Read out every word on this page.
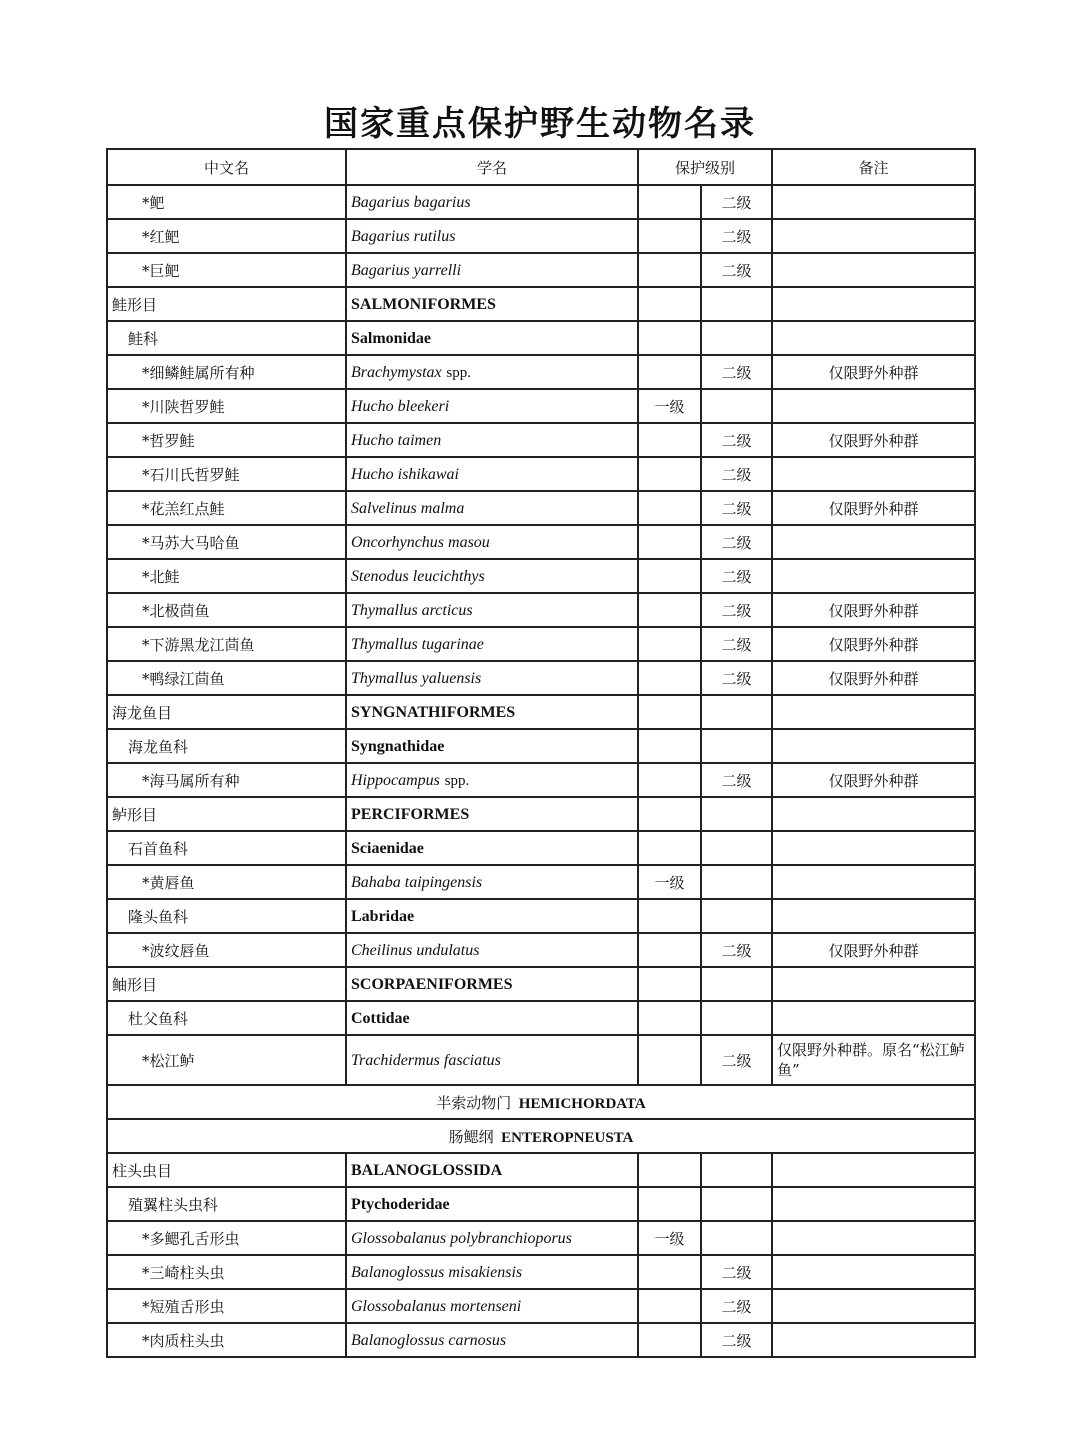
国家重点保护野生动物名录
中文名	学名	保护级别		备注
*鲃	Bagarius bagarius		二级	
*红鲃	Bagarius rutilus		二级	
*巨鲃	Bagarius yarrelli		二级	
鲑形目	SALMONIFORMES			
鲑科	Salmonidae			
*细鳞鲑属所有种	Brachymystax spp.		二级	仅限野外种群
*川陕哲罗鲑	Hucho bleekeri	一级		
*哲罗鲑	Hucho taimen		二级	仅限野外种群
*石川氏哲罗鲑	Hucho ishikawai		二级	
*花羔红点鲑	Salvelinus malma		二级	仅限野外种群
*马苏大马哈鱼	Oncorhynchus masou		二级	
*北鲑	Stenodus leucichthys		二级	
*北极茴鱼	Thymallus arcticus		二级	仅限野外种群
*下游黑龙江茴鱼	Thymallus tugarinae		二级	仅限野外种群
*鸭绿江茴鱼	Thymallus yaluensis		二级	仅限野外种群
海龙鱼目	SYNGNATHIFORMES			
海龙鱼科	Syngnathidae			
*海马属所有种	Hippocampus spp.		二级	仅限野外种群
鲈形目	PERCIFORMES			
石首鱼科	Sciaenidae			
*黄唇鱼	Bahaba taipingensis	一级		
隆头鱼科	Labridae			
*波纹唇鱼	Cheilinus undulatus		二级	仅限野外种群
鲉形目	SCORPAENIFORMES			
杜父鱼科	Cottidae			
*松江鲈	Trachidermus fasciatus		二级	仅限野外种群。原名“松江鲈鱼”
半索动物门 HEMICHORDATA				
肠鳃纲 ENTEROPNEUSTA				
柱头虫目	BALANOGLOSSIDA			
殖翼柱头虫科	Ptychoderidae			
*多鳃孔舌形虫	Glossobalanus polybranchioporus	一级		
*三崎柱头虫	Balanoglossus misakiensis		二级	
*短殖舌形虫	Glossobalanus mortenseni		二级	
*肉质柱头虫	Balanoglossus carnosus		二级	
